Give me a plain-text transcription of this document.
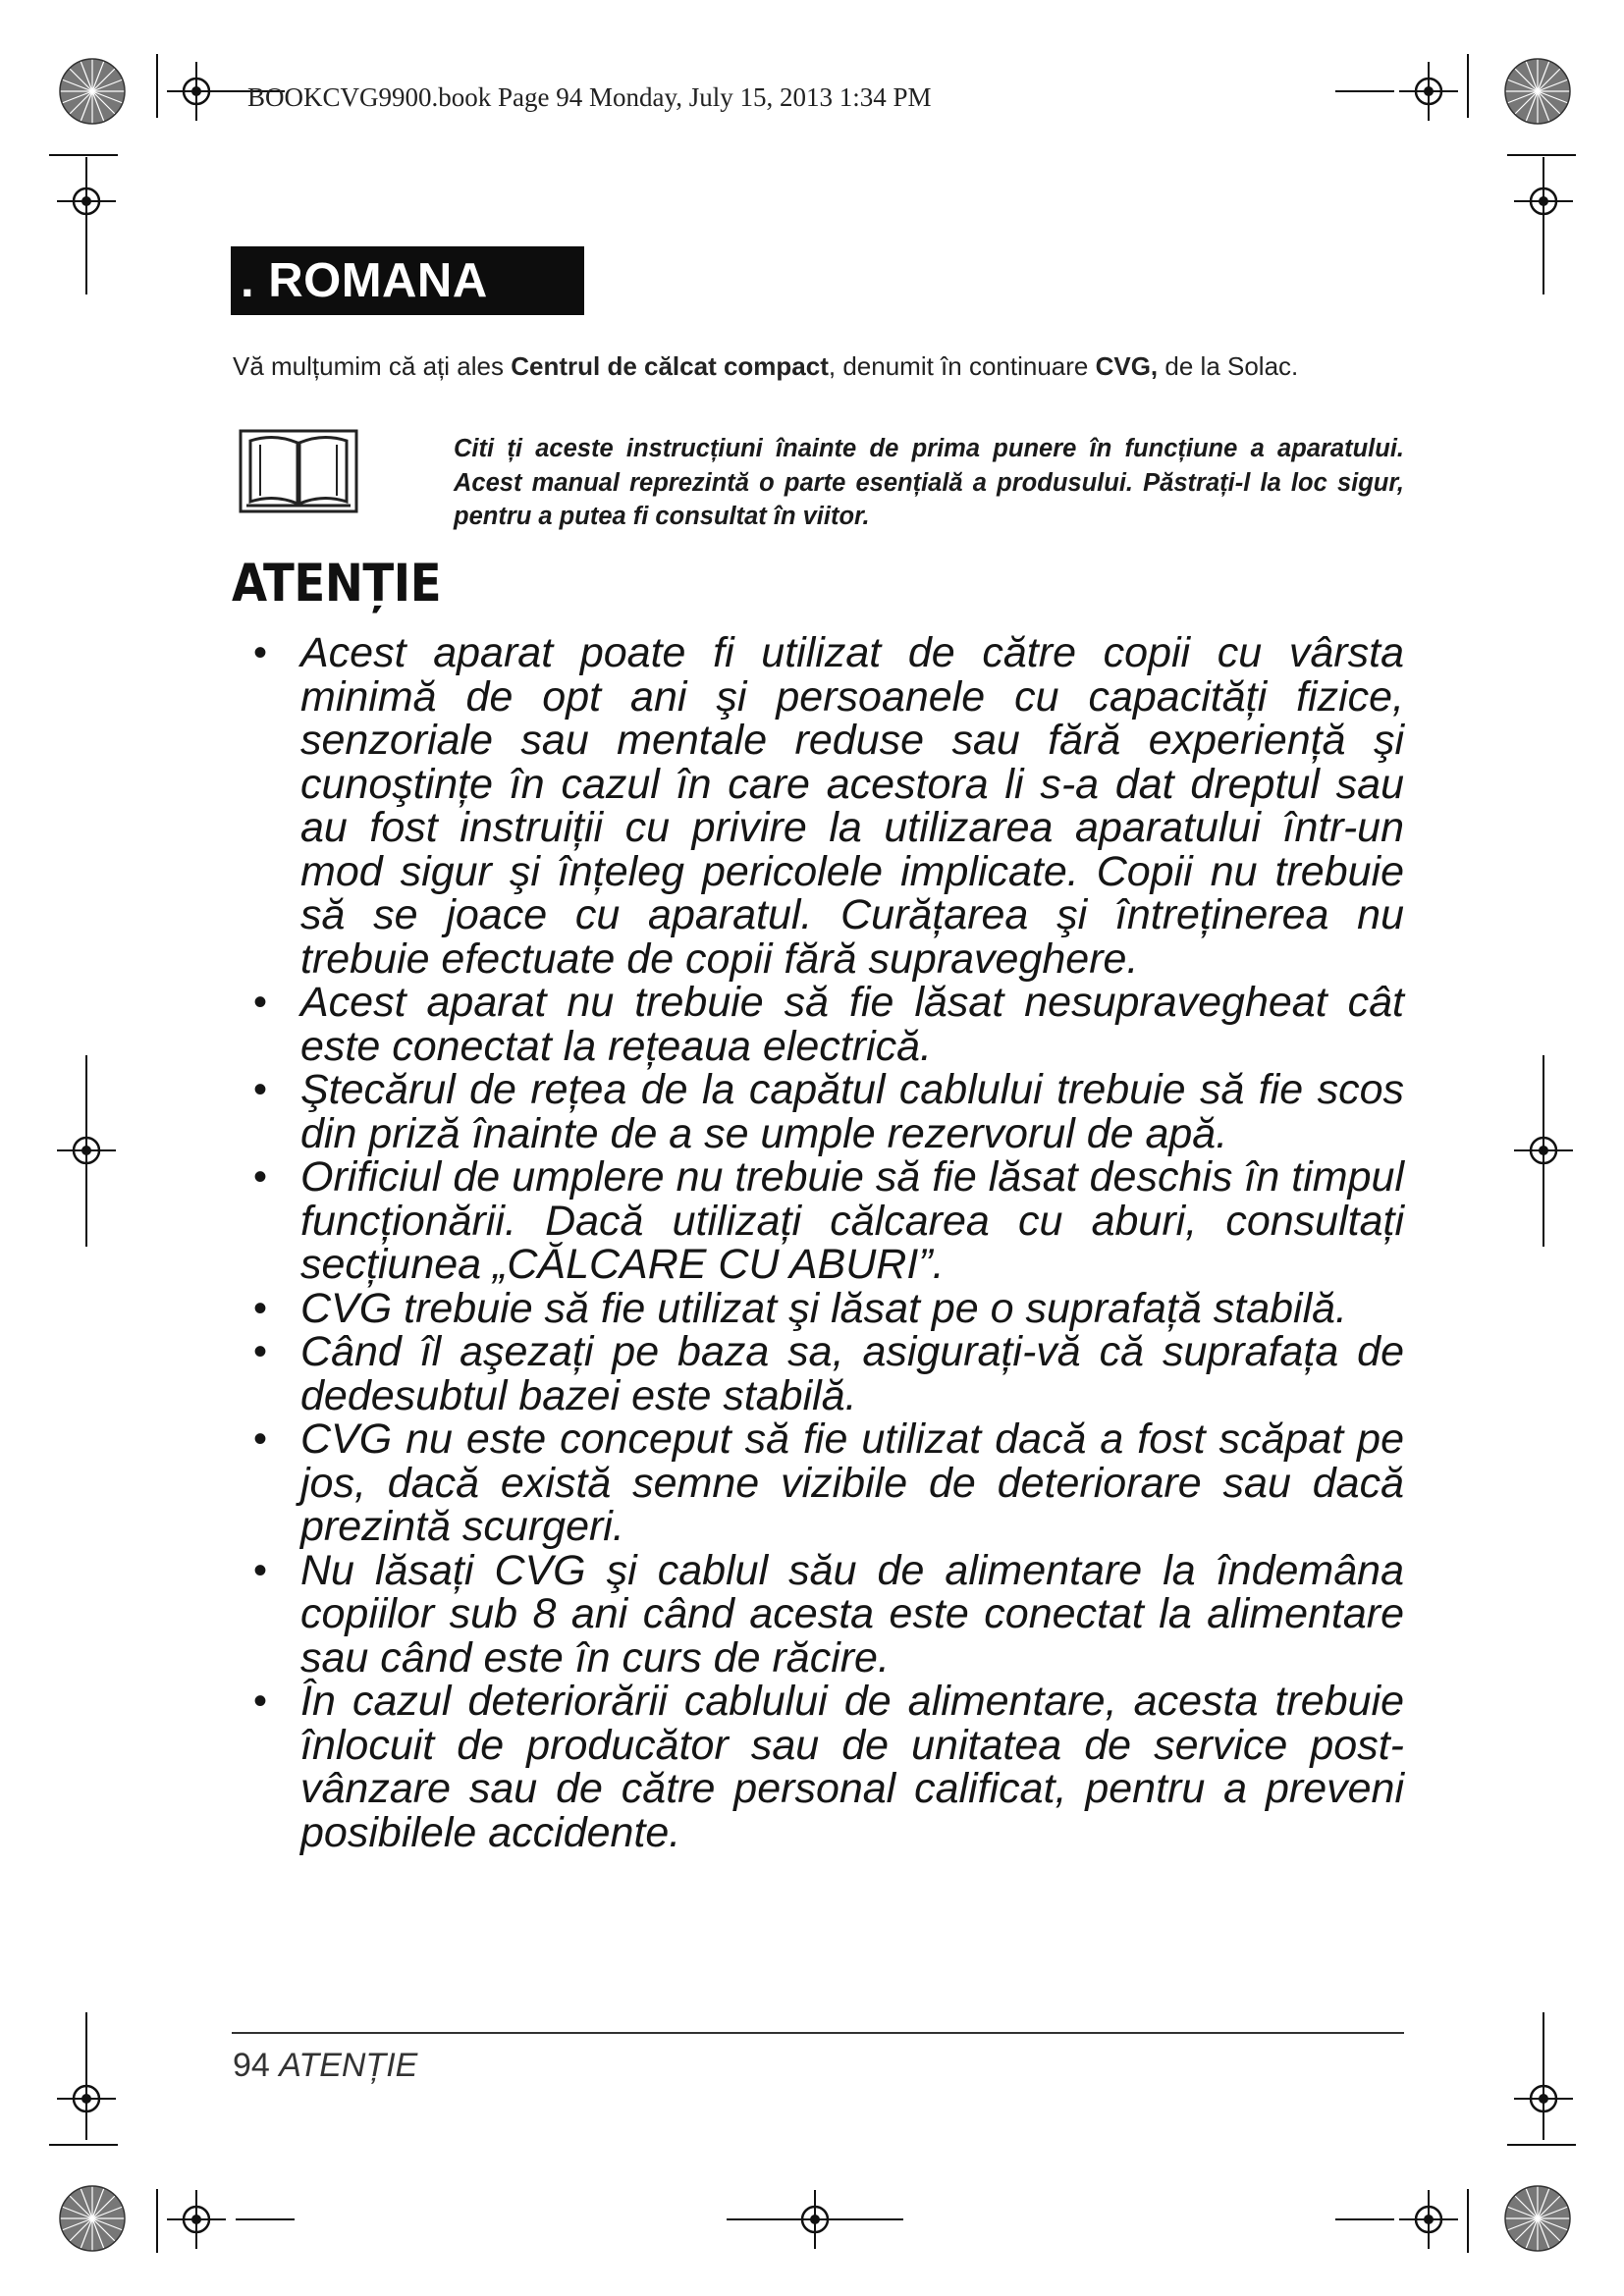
BOOKCVG9900.book Page 94 Monday, July 15, 2013 1:34 PM
. ROMANA
Vă mulțumim că ați ales Centrul de călcat compact, denumit în continuare CVG, de la Solac.
Citi ți aceste instrucțiuni înainte de prima punere în funcțiune a aparatului. Acest manual reprezintă o parte esențială a produsului. Păstrați-l la loc sigur, pentru a putea fi consultat în viitor.
ATENȚIE
• Acest aparat poate fi utilizat de către copii cu vârsta minimă de opt ani şi persoanele cu capacități fizice, senzoriale sau mentale reduse sau fără experiență şi cunoştințe în cazul în care acestora li s-a dat dreptul sau au fost instruiții cu privire la utilizarea aparatului într-un mod sigur şi înțeleg pericolele implicate. Copii nu trebuie să se joace cu aparatul. Curățarea şi întreținerea nu trebuie efectuate de copii fără supraveghere.
• Acest aparat nu trebuie să fie lăsat nesupravegheat cât este conectat la rețeaua electrică.
• Ştecărul de rețea de la capătul cablului trebuie să fie scos din priză înainte de a se umple rezervorul de apă.
• Orificiul de umplere nu trebuie să fie lăsat deschis în timpul funcționării. Dacă utilizați călcarea cu aburi, consultați secțiunea „CĂLCARE CU ABURI”.
• CVG trebuie să fie utilizat şi lăsat pe o suprafață stabilă.
• Când îl aşezați pe baza sa, asigurați-vă că suprafața de dedesubtul bazei este stabilă.
• CVG nu este conceput să fie utilizat dacă a fost scăpat pe jos, dacă există semne vizibile de deteriorare sau dacă prezintă scurgeri.
• Nu lăsați CVG şi cablul său de alimentare la îndemâna copiilor sub 8 ani când acesta este conectat la alimentare sau când este în curs de răcire.
• În cazul deteriorării cablului de alimentare, acesta trebuie înlocuit de producător sau de unitatea de service post-vânzare sau de către personal calificat, pentru a preveni posibilele accidente.
94 ATENȚIE
